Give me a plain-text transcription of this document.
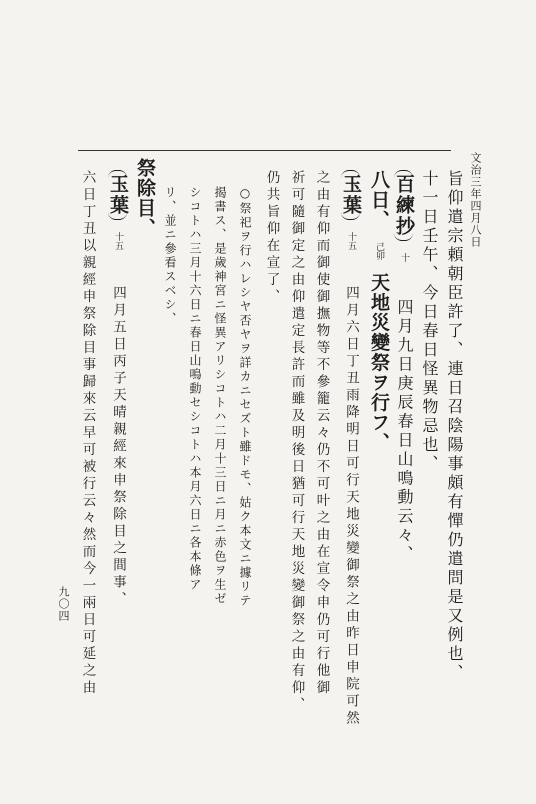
文治三年四月八日
九〇四	旨仰遣宗頼朝臣許了、連日召陰陽事頗有憚仍遣問是又例也、
十一日壬午、今日春日怪異物忌也、
百練抄 十  四月九日庚辰春日山鳴動云々、
八日、 己卯 天地災變祭ヲ行フ、
玉葉 十五  四月六日丁丑雨降明日可行天地災變御祭之由昨日申院可然
之由有仰而御使御撫物等不參籠云々仍不可叶之由在宣令申仍可行他御
祈可隨御定之由仰遣定長許而雖及明後日猶可行天地災變御祭之由有仰、
仍共旨仰在宣了、
○祭祀ヲ行ハレシヤ否ヤヲ詳カニセズト雖ドモ、姑ク本文ニ據リテ
揭書ス、是歲神宮ニ怪異アリシコトハ二月十三日ニ月ニ赤色ヲ生ゼ
シコトハ三月十六日ニ春日山鳴動セシコトハ本月六日ニ各本條ア
リ、並ニ參看スベシ、
祭除目、
玉葉 十五  四月五日丙子天晴親經來申祭除目之間事、
六日丁丑以親經申祭除目事歸來云早可被行云々然而今一兩日可延之由
